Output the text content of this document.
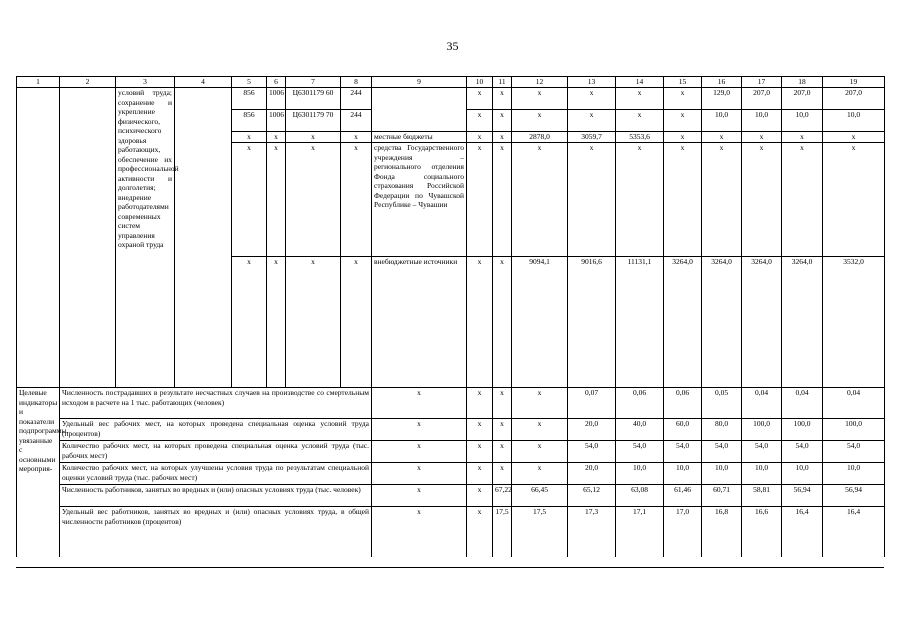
35
1	2	3	4	5	6	7	8	9	10	11	12	13	14	15	16	17	18	19
		условий труда; сохранение и укрепление физического, психического здоровья работающих, обеспечение их профессиональной активности и долголетия; внедрение работодателями современных систем управления охраной труда		856	1006	Ц6301179 60	244		x	x	x	x	x	x	129,0	207,0	207,0	207,0
				856	1006	Ц6301179 70	244		x	x	x	x	x	x	10,0	10,0	10,0	10,0
				x	x	x	x	местные бюджеты	x	x	2878,0	3059,7	5353,6	x	x	x	x	x
				x	x	x	x	средства Государственного учреждения – регионального отделения Фонда социального страхования Российской Федерации по Чувашской Республике – Чувашии	x	x	x	x	x	x	x	x	x	x
				x	x	x	x	внебюджетные источники	x	x	9094,1	9016,6	11131,1	3264,0	3264,0	3264,0	3264,0	3532,0
Целевые индикаторы и показатели подпрограммы, увязанные с основными мероприя-	Численность пострадавших в результате несчастных случаев на производстве со смертельным исходом в расчете на 1 тыс. работающих (человек)							x	x	x	x	0,07	0,06	0,06	0,05	0,04	0,04	0,04
	Удельный вес рабочих мест, на которых проведена специальная оценка условий труда (процентов)							x	x	x	x	20,0	40,0	60,0	80,0	100,0	100,0	100,0
	Количество рабочих мест, на которых проведена специальная оценка условий труда (тыс. рабочих мест)							x	x	x	x	54,0	54,0	54,0	54,0	54,0	54,0	54,0
	Количество рабочих мест, на которых улучшены условия труда по результатам специальной оценки условий труда (тыс. рабочих мест)							x	x	x	x	20,0	10,0	10,0	10,0	10,0	10,0	10,0
	Численность работников, занятых во вредных и (или) опасных условиях труда (тыс. человек)							x	x	67,22	66,45	65,12	63,08	61,46	60,71	58,81	56,94	56,94
	Удельный вес работников, занятых во вредных и (или) опасных условиях труда, в общей численности работников (процентов)							x	x	17,5	17,5	17,3	17,1	17,0	16,8	16,6	16,4	16,4
